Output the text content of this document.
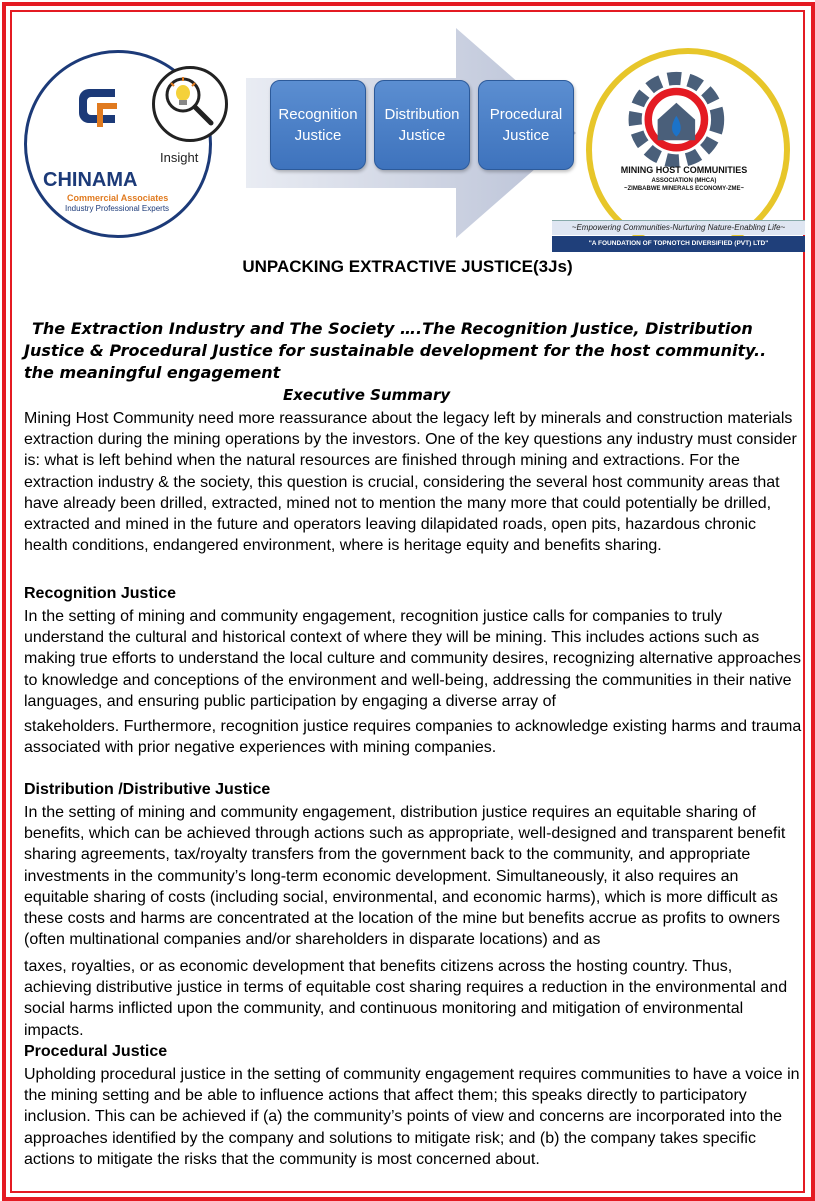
CHINAMA
Commercial Associates
Industry Professional Experts
Insight
Recognition Justice
Distribution Justice
Procedural Justice
MINING HOST COMMUNITIES
ASSOCIATION (MHCA)
~ZIMBABWE MINERALS ECONOMY-ZME~
~Empowering Communities-Nurturing Nature-Enabling Life~
"A FOUNDATION OF TOPNOTCH DIVERSIFIED (PVT) LTD"
UNPACKING EXTRACTIVE JUSTICE(3Js)
The Extraction Industry and The Society ….The Recognition Justice, Distribution Justice & Procedural Justice for sustainable development for the host community.. the meaningful engagement
Executive Summary
Mining Host Community need more reassurance about the legacy left by minerals and construction materials extraction during the mining operations by the investors. One of the key questions any industry must consider is: what is left behind when the natural resources are finished through mining and extractions. For the extraction industry & the society, this question is crucial, considering the several host community areas that have already been drilled, extracted, mined not to mention the many more that could potentially be drilled, extracted and mined in the future and operators leaving dilapidated roads, open pits, hazardous chronic health conditions, endangered environment, where is heritage equity and benefits sharing.
Recognition Justice
In the setting of mining and community engagement, recognition justice calls for companies to truly understand the cultural and historical context of where they will be mining. This includes actions such as making true efforts to understand the local culture and community desires, recognizing alternative approaches to knowledge and conceptions of the environment and well-being, addressing the communities in their native languages, and ensuring public participation by engaging a diverse array of
stakeholders. Furthermore, recognition justice requires companies to acknowledge existing harms and trauma associated with prior negative experiences with mining companies.
Distribution /Distributive Justice
In the setting of mining and community engagement, distribution justice requires an equitable sharing of benefits, which can be achieved through actions such as appropriate, well-designed and transparent benefit sharing agreements, tax/royalty transfers from the government back to the community, and appropriate investments in the community’s long-term economic development. Simultaneously, it also requires an equitable sharing of costs (including social, environmental, and economic harms), which is more difficult as these costs and harms are concentrated at the location of the mine but benefits accrue as profits to owners (often multinational companies and/or shareholders in disparate locations) and as
taxes, royalties, or as economic development that benefits citizens across the hosting country. Thus, achieving distributive justice in terms of equitable cost sharing requires a reduction in the environmental and social harms inflicted upon the community, and continuous monitoring and mitigation of environmental impacts.
Procedural Justice
Upholding procedural justice in the setting of community engagement requires communities to have a voice in the mining setting and be able to influence actions that affect them; this speaks directly to participatory inclusion. This can be achieved if (a) the community’s points of view and concerns are incorporated into the approaches identified by the company and solutions to mitigate risk; and (b) the company takes specific actions to mitigate the risks that the community is most concerned about.
